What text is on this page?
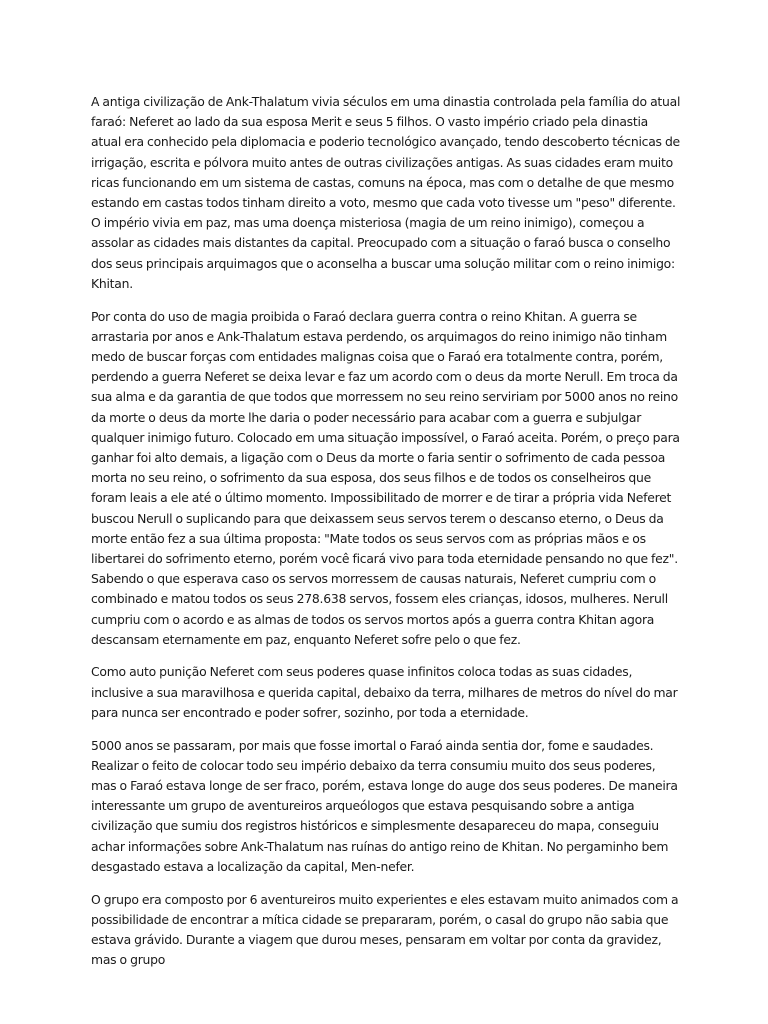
A antiga civilização de Ank-Thalatum vivia séculos em uma dinastia controlada pela família do atual faraó: Neferet ao lado da sua esposa Merit e seus 5 filhos. O vasto império criado pela dinastia atual era conhecido pela diplomacia e poderio tecnológico avançado, tendo descoberto técnicas de irrigação, escrita e pólvora muito antes de outras civilizações antigas. As suas cidades eram muito ricas funcionando em um sistema de castas, comuns na época, mas com o detalhe de que mesmo estando em castas todos tinham direito a voto, mesmo que cada voto tivesse um "peso" diferente. O império vivia em paz, mas uma doença misteriosa (magia de um reino inimigo), começou a assolar as cidades mais distantes da capital. Preocupado com a situação o faraó busca o conselho dos seus principais arquimagos que o aconselha a buscar uma solução militar com o reino inimigo: Khitan.

Por conta do uso de magia proibida o Faraó declara guerra contra o reino Khitan. A guerra se arrastaria por anos e Ank-Thalatum estava perdendo, os arquimagos do reino inimigo não tinham medo de buscar forças com entidades malignas coisa que o Faraó era totalmente contra, porém, perdendo a guerra Neferet se deixa levar e faz um acordo com o deus da morte Nerull. Em troca da sua alma e da garantia de que todos que morressem no seu reino serviriam por 5000 anos no reino da morte o deus da morte lhe daria o poder necessário para acabar com a guerra e subjulgar qualquer inimigo futuro. Colocado em uma situação impossível, o Faraó aceita. Porém, o preço para ganhar foi alto demais, a ligação com o Deus da morte o faria sentir o sofrimento de cada pessoa morta no seu reino, o sofrimento da sua esposa, dos seus filhos e de todos os conselheiros que foram leais a ele até o último momento. Impossibilitado de morrer e de tirar a própria vida Neferet buscou Nerull o suplicando para que deixassem seus servos terem o descanso eterno, o Deus da morte então fez a sua última proposta: "Mate todos os seus servos com as próprias mãos e os libertarei do sofrimento eterno, porém você ficará vivo para toda eternidade pensando no que fez". Sabendo o que esperava caso os servos morressem de causas naturais, Neferet cumpriu com o combinado e matou todos os seus 278.638 servos, fossem eles crianças, idosos, mulheres. Nerull cumpriu com o acordo e as almas de todos os servos mortos após a guerra contra Khitan agora descansam eternamente em paz, enquanto Neferet sofre pelo o que fez.

Como auto punição Neferet com seus poderes quase infinitos coloca todas as suas cidades, inclusive a sua maravilhosa e querida capital, debaixo da terra, milhares de metros do nível do mar para nunca ser encontrado e poder sofrer, sozinho, por toda a eternidade.

5000 anos se passaram, por mais que fosse imortal o Faraó ainda sentia dor, fome e saudades. Realizar o feito de colocar todo seu império debaixo da terra consumiu muito dos seus poderes, mas o Faraó estava longe de ser fraco, porém, estava longe do auge dos seus poderes. De maneira interessante um grupo de aventureiros arqueólogos que estava pesquisando sobre a antiga civilização que sumiu dos registros históricos e simplesmente desapareceu do mapa, conseguiu achar informações sobre Ank-Thalatum nas ruínas do antigo reino de Khitan. No pergaminho bem desgastado estava a localização da capital, Men-nefer.

O grupo era composto por 6 aventureiros muito experientes e eles estavam muito animados com a possibilidade de encontrar a mítica cidade se prepararam, porém, o casal do grupo não sabia que estava grávido. Durante a viagem que durou meses, pensaram em voltar por conta da gravidez, mas o grupo
